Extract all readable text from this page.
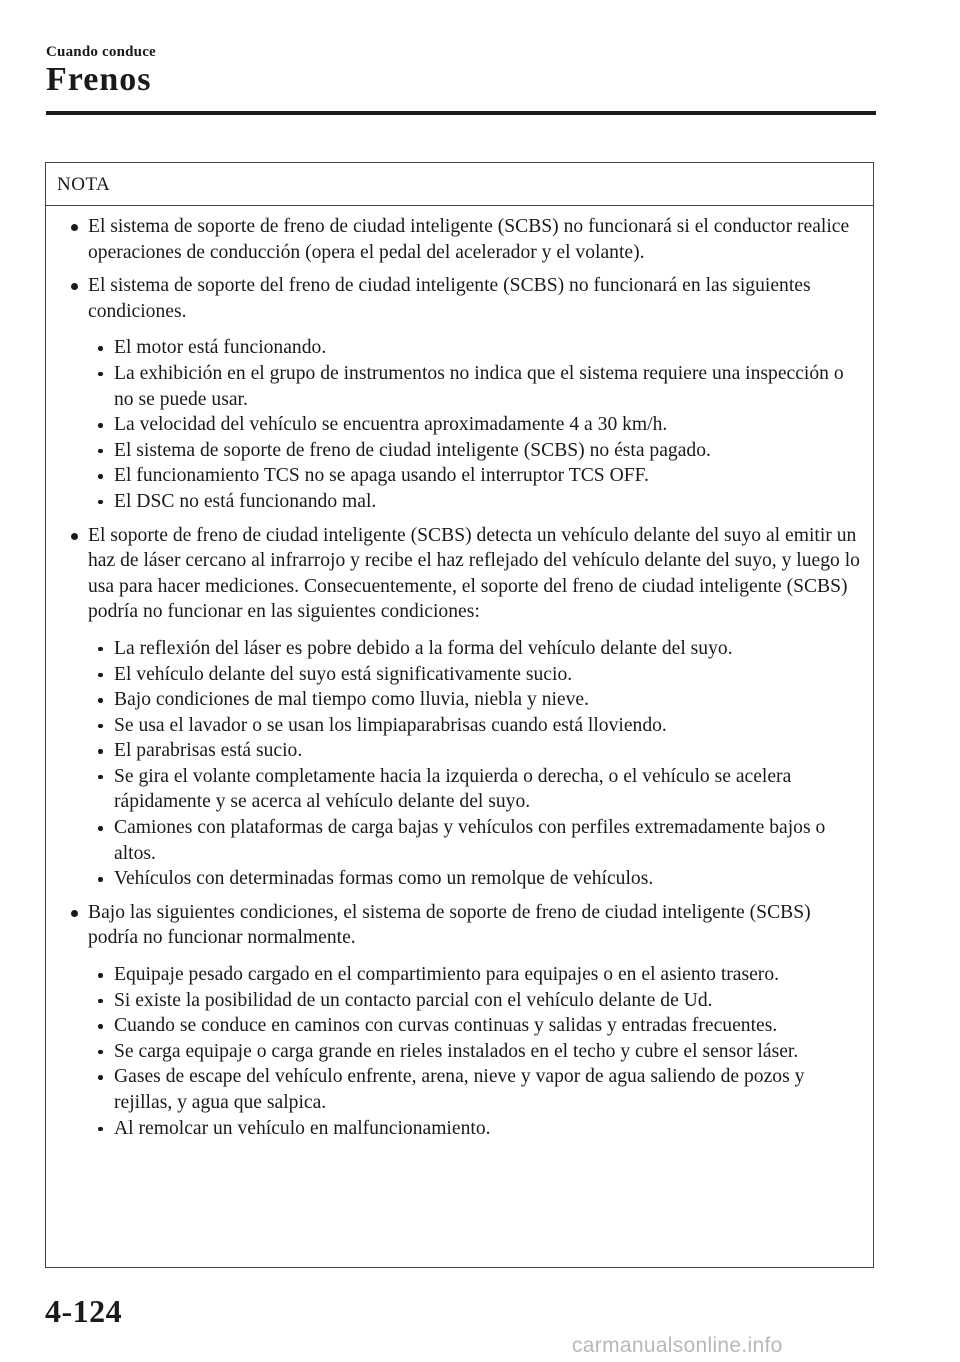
Cuando conduce
Frenos
NOTA
El sistema de soporte de freno de ciudad inteligente (SCBS) no funcionará si el conductor realice operaciones de conducción (opera el pedal del acelerador y el volante).
El sistema de soporte del freno de ciudad inteligente (SCBS) no funcionará en las siguientes condiciones.
El motor está funcionando.
La exhibición en el grupo de instrumentos no indica que el sistema requiere una inspección o no se puede usar.
La velocidad del vehículo se encuentra aproximadamente 4 a 30 km/h.
El sistema de soporte de freno de ciudad inteligente (SCBS) no ésta pagado.
El funcionamiento TCS no se apaga usando el interruptor TCS OFF.
El DSC no está funcionando mal.
El soporte de freno de ciudad inteligente (SCBS) detecta un vehículo delante del suyo al emitir un haz de láser cercano al infrarrojo y recibe el haz reflejado del vehículo delante del suyo, y luego lo usa para hacer mediciones. Consecuentemente, el soporte del freno de ciudad inteligente (SCBS) podría no funcionar en las siguientes condiciones:
La reflexión del láser es pobre debido a la forma del vehículo delante del suyo.
El vehículo delante del suyo está significativamente sucio.
Bajo condiciones de mal tiempo como lluvia, niebla y nieve.
Se usa el lavador o se usan los limpiaparabrisas cuando está lloviendo.
El parabrisas está sucio.
Se gira el volante completamente hacia la izquierda o derecha, o el vehículo se acelera rápidamente y se acerca al vehículo delante del suyo.
Camiones con plataformas de carga bajas y vehículos con perfiles extremadamente bajos o altos.
Vehículos con determinadas formas como un remolque de vehículos.
Bajo las siguientes condiciones, el sistema de soporte de freno de ciudad inteligente (SCBS) podría no funcionar normalmente.
Equipaje pesado cargado en el compartimiento para equipajes o en el asiento trasero.
Si existe la posibilidad de un contacto parcial con el vehículo delante de Ud.
Cuando se conduce en caminos con curvas continuas y salidas y entradas frecuentes.
Se carga equipaje o carga grande en rieles instalados en el techo y cubre el sensor láser.
Gases de escape del vehículo enfrente, arena, nieve y vapor de agua saliendo de pozos y rejillas, y agua que salpica.
Al remolcar un vehículo en malfuncionamiento.
4-124
carmanualsonline.info
